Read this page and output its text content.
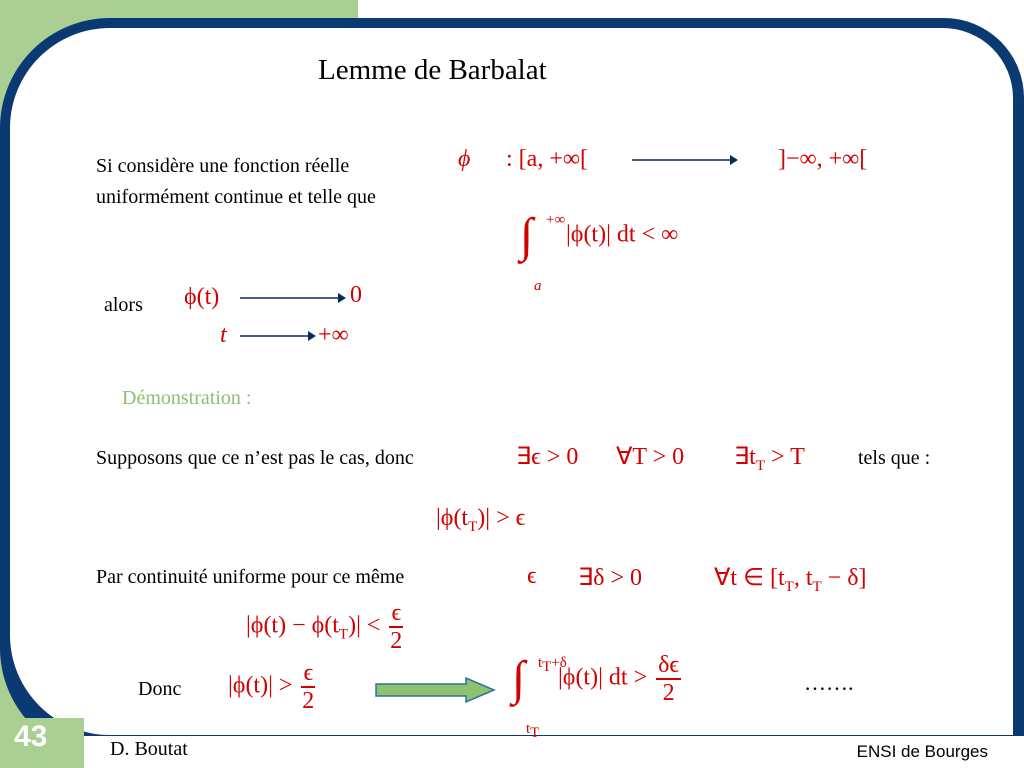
43	D. Boutat	ENSI de Bourges
Lemme de Barbalat
Si considère une fonction réelle
uniformément continue et telle que
ϕ : [a, +∞[	]−∞, +∞[
∫ +∞
a
|ϕ(t)| dt < ∞
alors ϕ(t)	0
t	+∞
Démonstration :
Supposons que ce n’est pas le cas, donc	∃ϵ > 0 ∀T > 0 $\exists t_T > T$	tels que :
$|\phi(t_T)| > \epsilon$
Par continuité uniforme pour ce même	ϵ ∃δ > 0	∀t ∈ [$t_T$, $t_T - \delta$]
$|\phi(t) - \phi(t_T)| < \frac{\epsilon}{2}$
Donc $|\phi(t)| > \frac{\epsilon}{2}$	∫ $t_T+\delta$
$t_T$
|ϕ(t)| dt > $\frac{\delta\epsilon}{2}$	…….
